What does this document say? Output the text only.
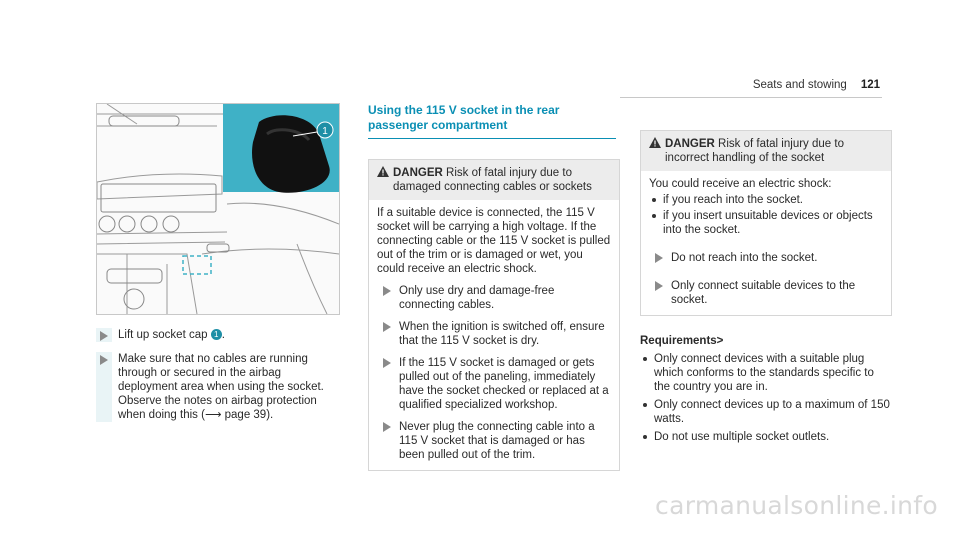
Seats and stowing 121
1
Lift up socket cap 1 .
Make sure that no cables are running through or secured in the airbag deployment area when using the socket. Observe the notes on airbag protection when doing this (⟶ page 39).
Using the 115 V socket in the rear passenger compartment
DANGER Risk of fatal injury due to damaged connecting cables or sockets

If a suitable device is connected, the 115 V socket will be carrying a high voltage. If the connecting cable or the 115 V socket is pulled out of the trim or is damaged or wet, you could receive an electric shock.

Only use dry and damage-free connecting cables.
When the ignition is switched off, ensure that the 115 V socket is dry.
If the 115 V socket is damaged or gets pulled out of the paneling, immediately have the socket checked or replaced at a qualified specialized workshop.
Never plug the connecting cable into a 115 V socket that is damaged or has been pulled out of the trim.
DANGER Risk of fatal injury due to incorrect handling of the socket

You could receive an electric shock:

if you reach into the socket.
if you insert unsuitable devices or objects into the socket.
Do not reach into the socket.
Only connect suitable devices to the socket.
Requirements>
Only connect devices with a suitable plug which conforms to the standards specific to the country you are in.
Only connect devices up to a maximum of 150 watts.
Do not use multiple socket outlets.
carmanualsonline.info
